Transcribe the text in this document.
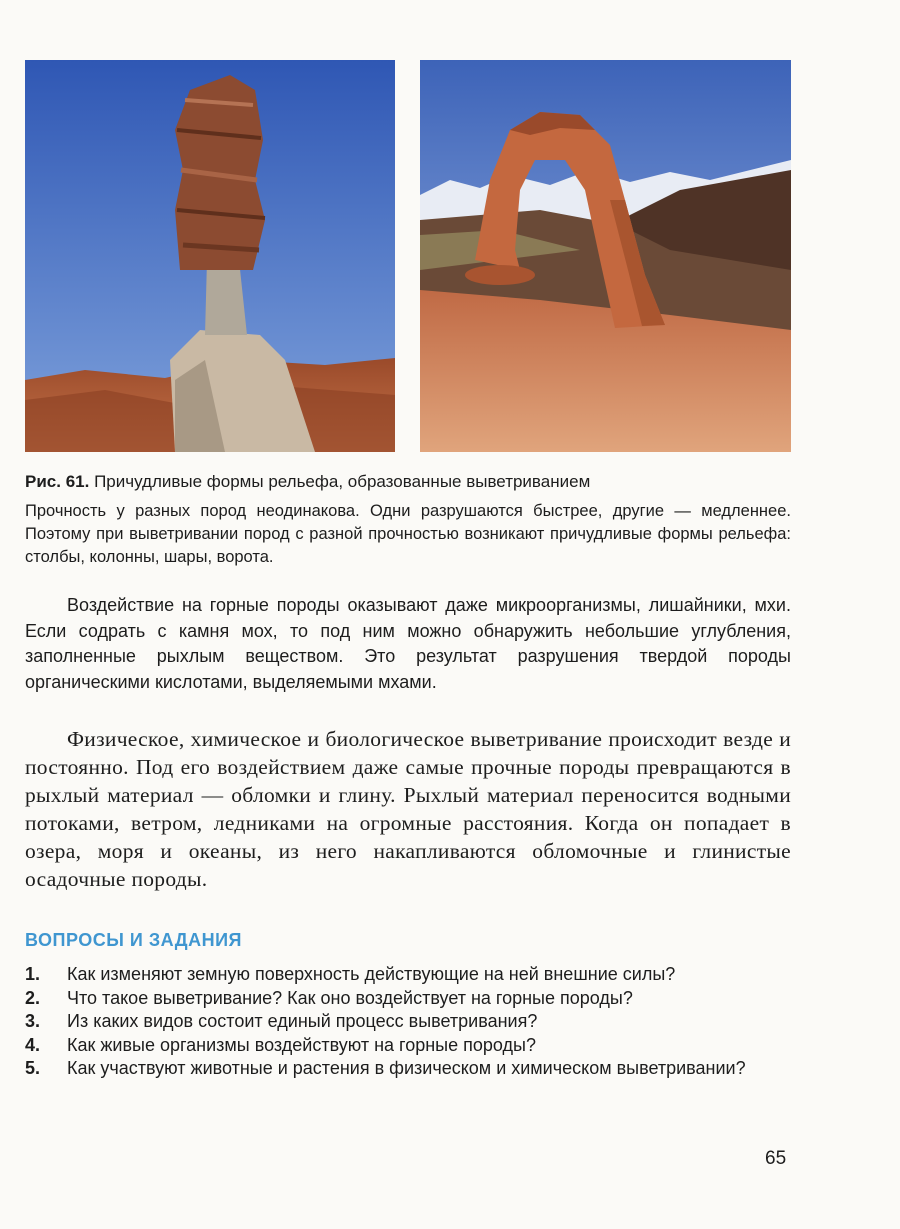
Рис. 61. Причудливые формы рельефа, образованные выветриванием
Прочность у разных пород неодинакова. Одни разрушаются быстрее, другие — медленнее. Поэтому при выветривании пород с разной прочностью возникают причудливые формы рельефа: столбы, колонны, шары, ворота.

Воздействие на горные породы оказывают даже микроорганизмы, лишайники, мхи. Если содрать с камня мох, то под ним можно обнаружить небольшие углубления, заполненные рыхлым веществом. Это результат разрушения твердой породы органическими кислотами, выделяемыми мхами.

Физическое, химическое и биологическое выветривание происходит везде и постоянно. Под его воздействием даже самые прочные породы превращаются в рыхлый материал — обломки и глину. Рыхлый материал переносится водными потоками, ветром, ледниками на огромные расстояния. Когда он попадает в озера, моря и океаны, из него накапливаются обломочные и глинистые осадочные породы.

ВОПРОСЫ И ЗАДАНИЯ
1. Как изменяют земную поверхность действующие на ней внешние силы?
2. Что такое выветривание? Как оно воздействует на горные породы?
3. Из каких видов состоит единый процесс выветривания?
4. Как живые организмы воздействуют на горные породы?
5. Как участвуют животные и растения в физическом и химическом выветривании?
65
